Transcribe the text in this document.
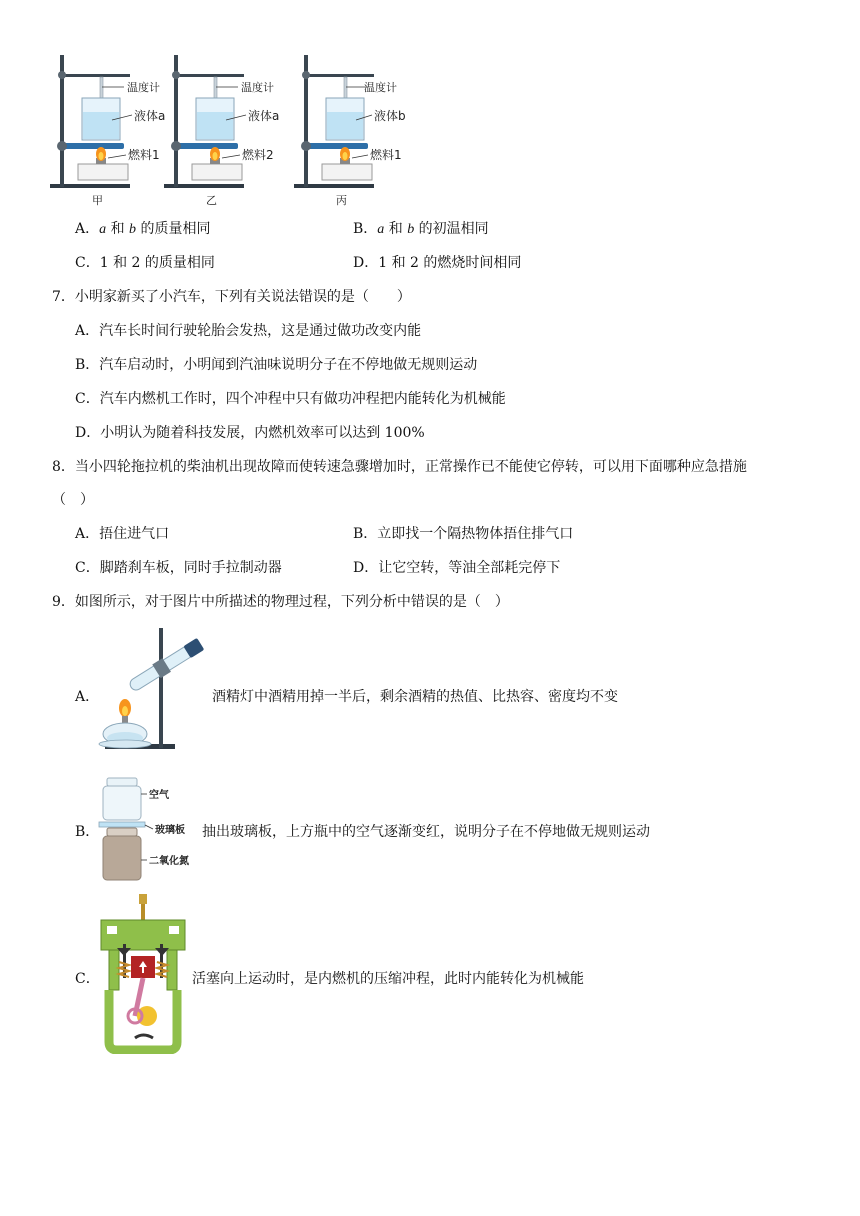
温度计
液体a
燃料1
甲
温度计
液体a
燃料2
乙
温度计
液体b
燃料1
丙
A．a 和 b 的质量相同	B．a 和 b 的初温相同
C．1 和 2 的质量相同	D．1 和 2 的燃烧时间相同
7．小明家新买了小汽车，下列有关说法错误的是（　　）
A．汽车长时间行驶轮胎会发热，这是通过做功改变内能
B．汽车启动时，小明闻到汽油味说明分子在不停地做无规则运动
C．汽车内燃机工作时，四个冲程中只有做功冲程把内能转化为机械能
D．小明认为随着科技发展，内燃机效率可以达到 100%
8．当小四轮拖拉机的柴油机出现故障而使转速急骤增加时，正常操作已不能使它停转，可以用下面哪种应急措施
（　）
A．捂住进气口	B．立即找一个隔热物体捂住排气口
C．脚踏刹车板，同时手拉制动器	D．让它空转，等油全部耗完停下
9．如图所示，对于图片中所描述的物理过程，下列分析中错误的是（　）
A．	酒精灯中酒精用掉一半后，剩余酒精的热值、比热容、密度均不变
B．
空气
玻璃板
二氧化氮
抽出玻璃板，上方瓶中的空气逐渐变红，说明分子在不停地做无规则运动
C．	活塞向上运动时，是内燃机的压缩冲程，此时内能转化为机械能
